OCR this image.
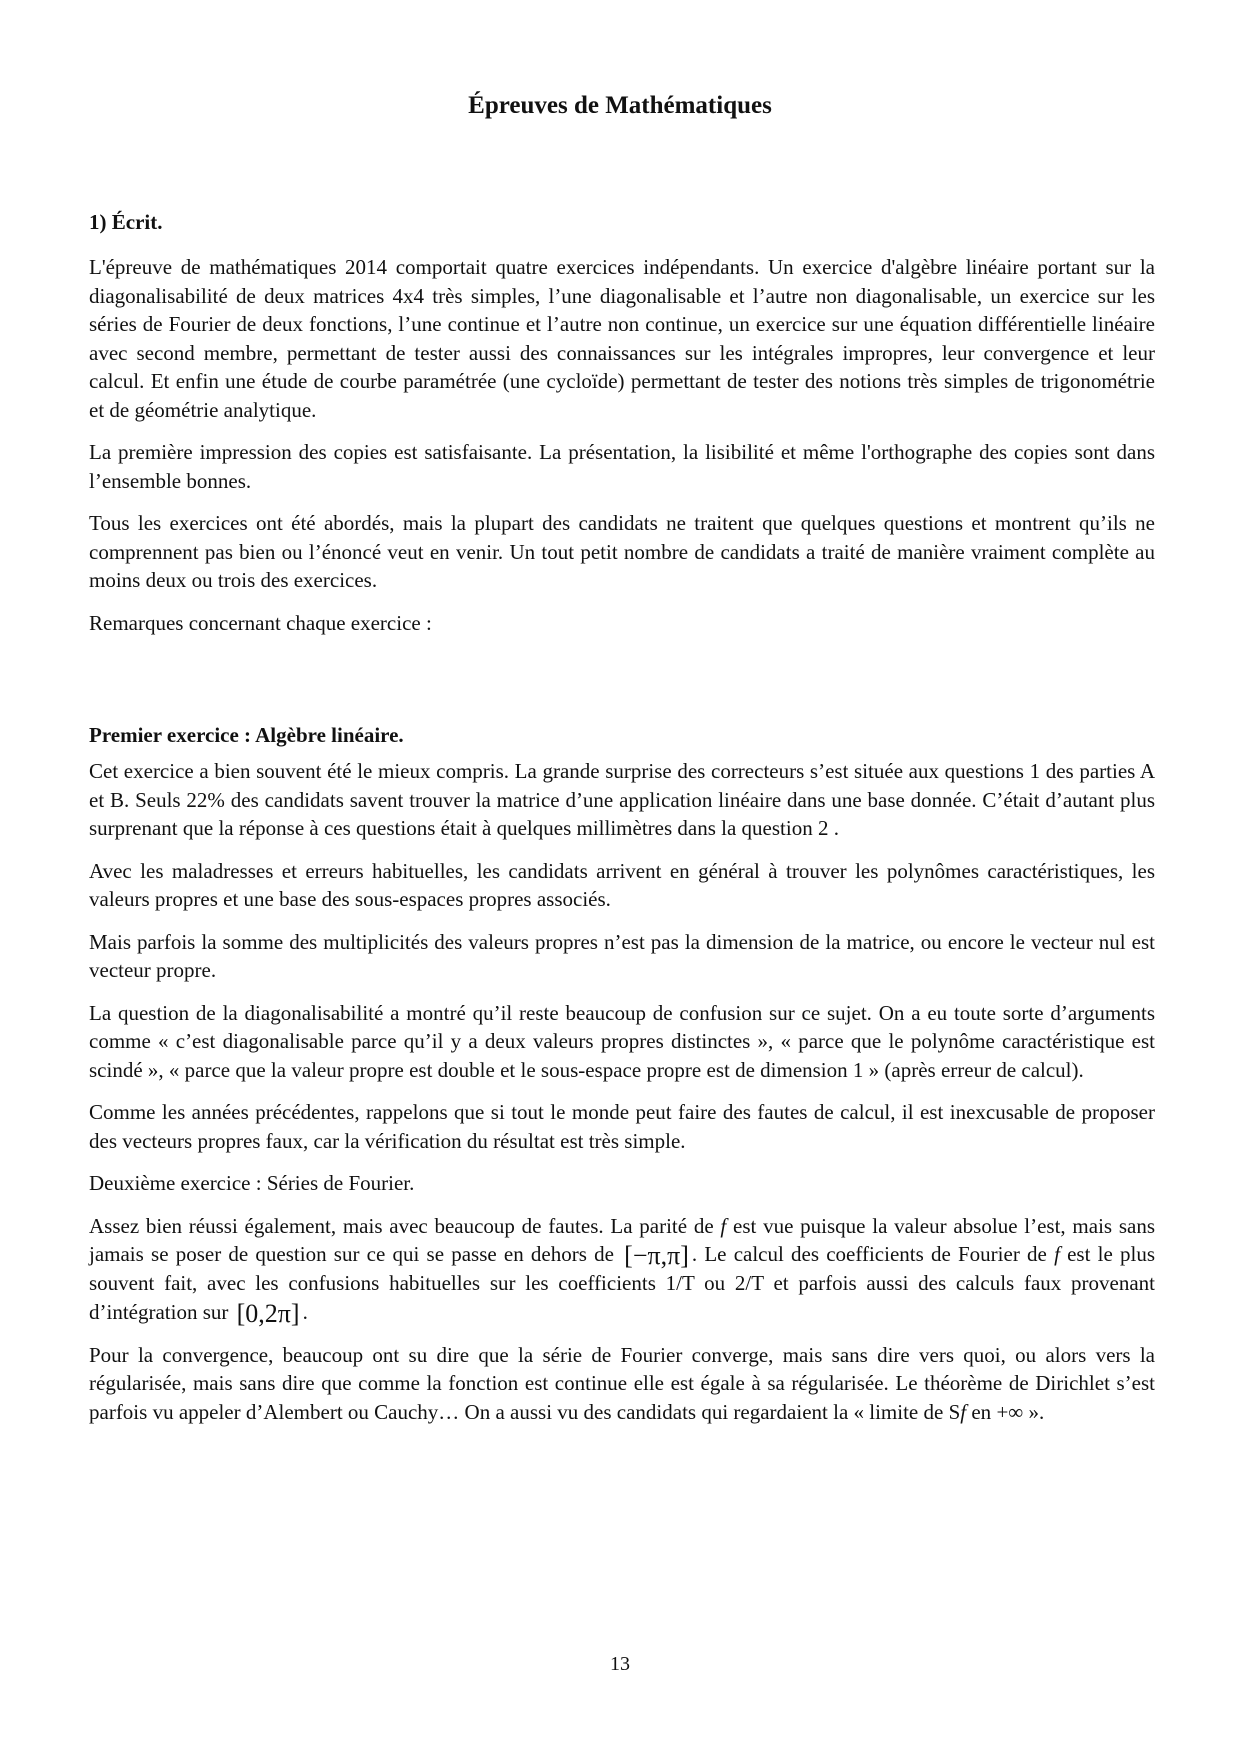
Épreuves de Mathématiques
1) Écrit.

L'épreuve de mathématiques 2014 comportait quatre exercices indépendants. Un exercice d'algèbre linéaire portant sur la diagonalisabilité de deux matrices 4x4 très simples, l’une diagonalisable et l’autre non diagonalisable, un exercice sur les séries de Fourier de deux fonctions, l’une continue et l’autre non continue, un exercice sur une équation différentielle linéaire avec second membre, permettant de tester aussi des connaissances sur les intégrales impropres, leur convergence et leur calcul. Et enfin une étude de courbe paramétrée (une cycloïde) permettant de tester des notions très simples de trigonométrie et de géométrie analytique.

La première impression des copies est satisfaisante. La présentation, la lisibilité et même l'orthographe des copies sont dans l’ensemble bonnes.

Tous les exercices ont été abordés, mais la plupart des candidats ne traitent que quelques questions et montrent qu’ils ne comprennent pas bien ou l’énoncé veut en venir. Un tout petit nombre de candidats a traité de manière vraiment complète au moins deux ou trois des exercices.

Remarques concernant chaque exercice :

Premier exercice : Algèbre linéaire.

Cet exercice a bien souvent été le mieux compris. La grande surprise des correcteurs s’est située aux questions 1 des parties A et B. Seuls 22% des candidats savent trouver la matrice d’une application linéaire dans une base donnée. C’était d’autant plus surprenant que la réponse à ces questions était à quelques millimètres dans la question 2 .

Avec les maladresses et erreurs habituelles, les candidats arrivent en général à trouver les polynômes caractéristiques, les valeurs propres et une base des sous-espaces propres associés.

Mais parfois la somme des multiplicités des valeurs propres n’est pas la dimension de la matrice, ou encore le vecteur nul est vecteur propre.

La question de la diagonalisabilité a montré qu’il reste beaucoup de confusion sur ce sujet. On a eu toute sorte d’arguments comme « c’est diagonalisable parce qu’il y a deux valeurs propres distinctes », « parce que le polynôme caractéristique est scindé », « parce que la valeur propre est double et le sous-espace propre est de dimension 1 » (après erreur de calcul).

Comme les années précédentes, rappelons que si tout le monde peut faire des fautes de calcul, il est inexcusable de proposer des vecteurs propres faux, car la vérification du résultat est très simple.

Deuxième exercice : Séries de Fourier.

Assez bien réussi également, mais avec beaucoup de fautes. La parité de f est vue puisque la valeur absolue l’est, mais sans jamais se poser de question sur ce qui se passe en dehors de [−π,π] . Le calcul des coefficients de Fourier de f est le plus souvent fait, avec les confusions habituelles sur les coefficients 1/T ou 2/T et parfois aussi des calculs faux provenant d’intégration sur [0,2π] .

Pour la convergence, beaucoup ont su dire que la série de Fourier converge, mais sans dire vers quoi, ou alors vers la régularisée, mais sans dire que comme la fonction est continue elle est égale à sa régularisée. Le théorème de Dirichlet s’est parfois vu appeler d’Alembert ou Cauchy… On a aussi vu des candidats qui regardaient la « limite de Sf en +∞ ».

13
